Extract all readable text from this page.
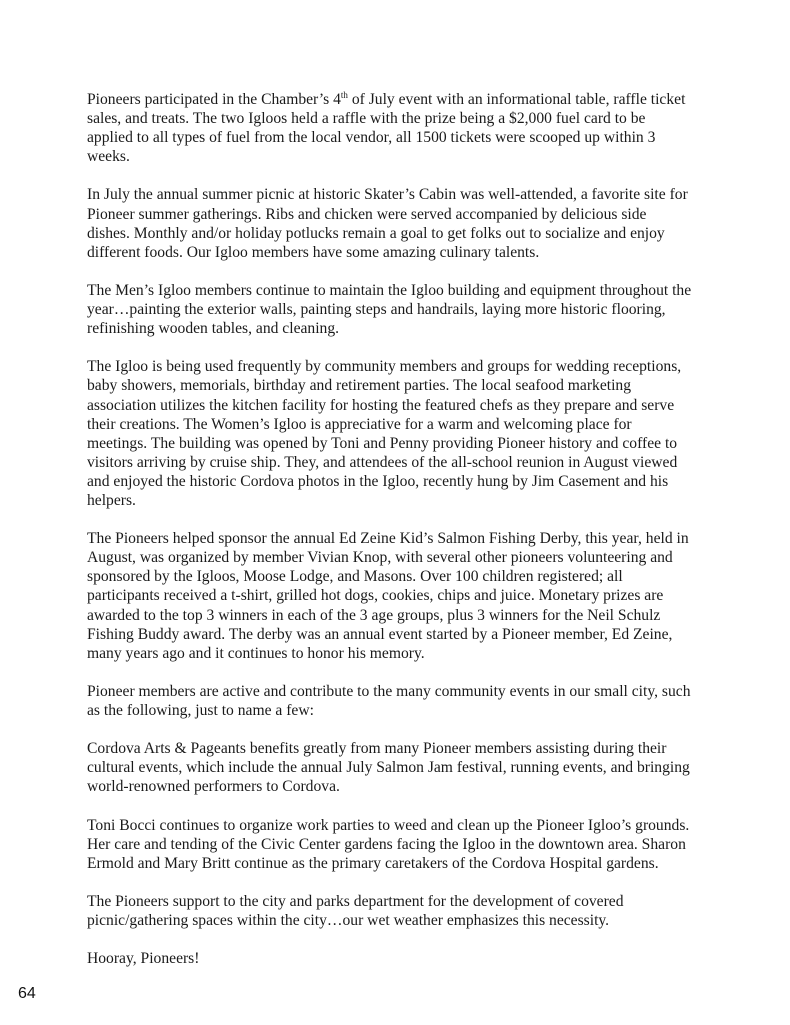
Pioneers participated in the Chamber’s 4th of July event with an informational table, raffle ticket
sales, and treats. The two Igloos held a raffle with the prize being a $2,000 fuel card to be
applied to all types of fuel from the local vendor, all 1500 tickets were scooped up within 3
weeks.

In July the annual summer picnic at historic Skater’s Cabin was well-attended, a favorite site for
Pioneer summer gatherings. Ribs and chicken were served accompanied by delicious side
dishes. Monthly and/or holiday potlucks remain a goal to get folks out to socialize and enjoy
different foods. Our Igloo members have some amazing culinary talents.

The Men’s Igloo members continue to maintain the Igloo building and equipment throughout the
year…painting the exterior walls, painting steps and handrails, laying more historic flooring,
refinishing wooden tables, and cleaning.

The Igloo is being used frequently by community members and groups for wedding receptions,
baby showers, memorials, birthday and retirement parties. The local seafood marketing
association utilizes the kitchen facility for hosting the featured chefs as they prepare and serve
their creations. The Women’s Igloo is appreciative for a warm and welcoming place for
meetings. The building was opened by Toni and Penny providing Pioneer history and coffee to
visitors arriving by cruise ship. They, and attendees of the all-school reunion in August viewed
and enjoyed the historic Cordova photos in the Igloo, recently hung by Jim Casement and his
helpers.

The Pioneers helped sponsor the annual Ed Zeine Kid’s Salmon Fishing Derby, this year, held in
August, was organized by member Vivian Knop, with several other pioneers volunteering and
sponsored by the Igloos, Moose Lodge, and Masons. Over 100 children registered; all
participants received a t-shirt, grilled hot dogs, cookies, chips and juice. Monetary prizes are
awarded to the top 3 winners in each of the 3 age groups, plus 3 winners for the Neil Schulz
Fishing Buddy award. The derby was an annual event started by a Pioneer member, Ed Zeine,
many years ago and it continues to honor his memory.

Pioneer members are active and contribute to the many community events in our small city, such
as the following, just to name a few:

Cordova Arts & Pageants benefits greatly from many Pioneer members assisting during their
cultural events, which include the annual July Salmon Jam festival, running events, and bringing
world-renowned performers to Cordova.

Toni Bocci continues to organize work parties to weed and clean up the Pioneer Igloo’s grounds.
Her care and tending of the Civic Center gardens facing the Igloo in the downtown area. Sharon
Ermold and Mary Britt continue as the primary caretakers of the Cordova Hospital gardens.

The Pioneers support to the city and parks department for the development of covered
picnic/gathering spaces within the city…our wet weather emphasizes this necessity.

Hooray, Pioneers!

64
